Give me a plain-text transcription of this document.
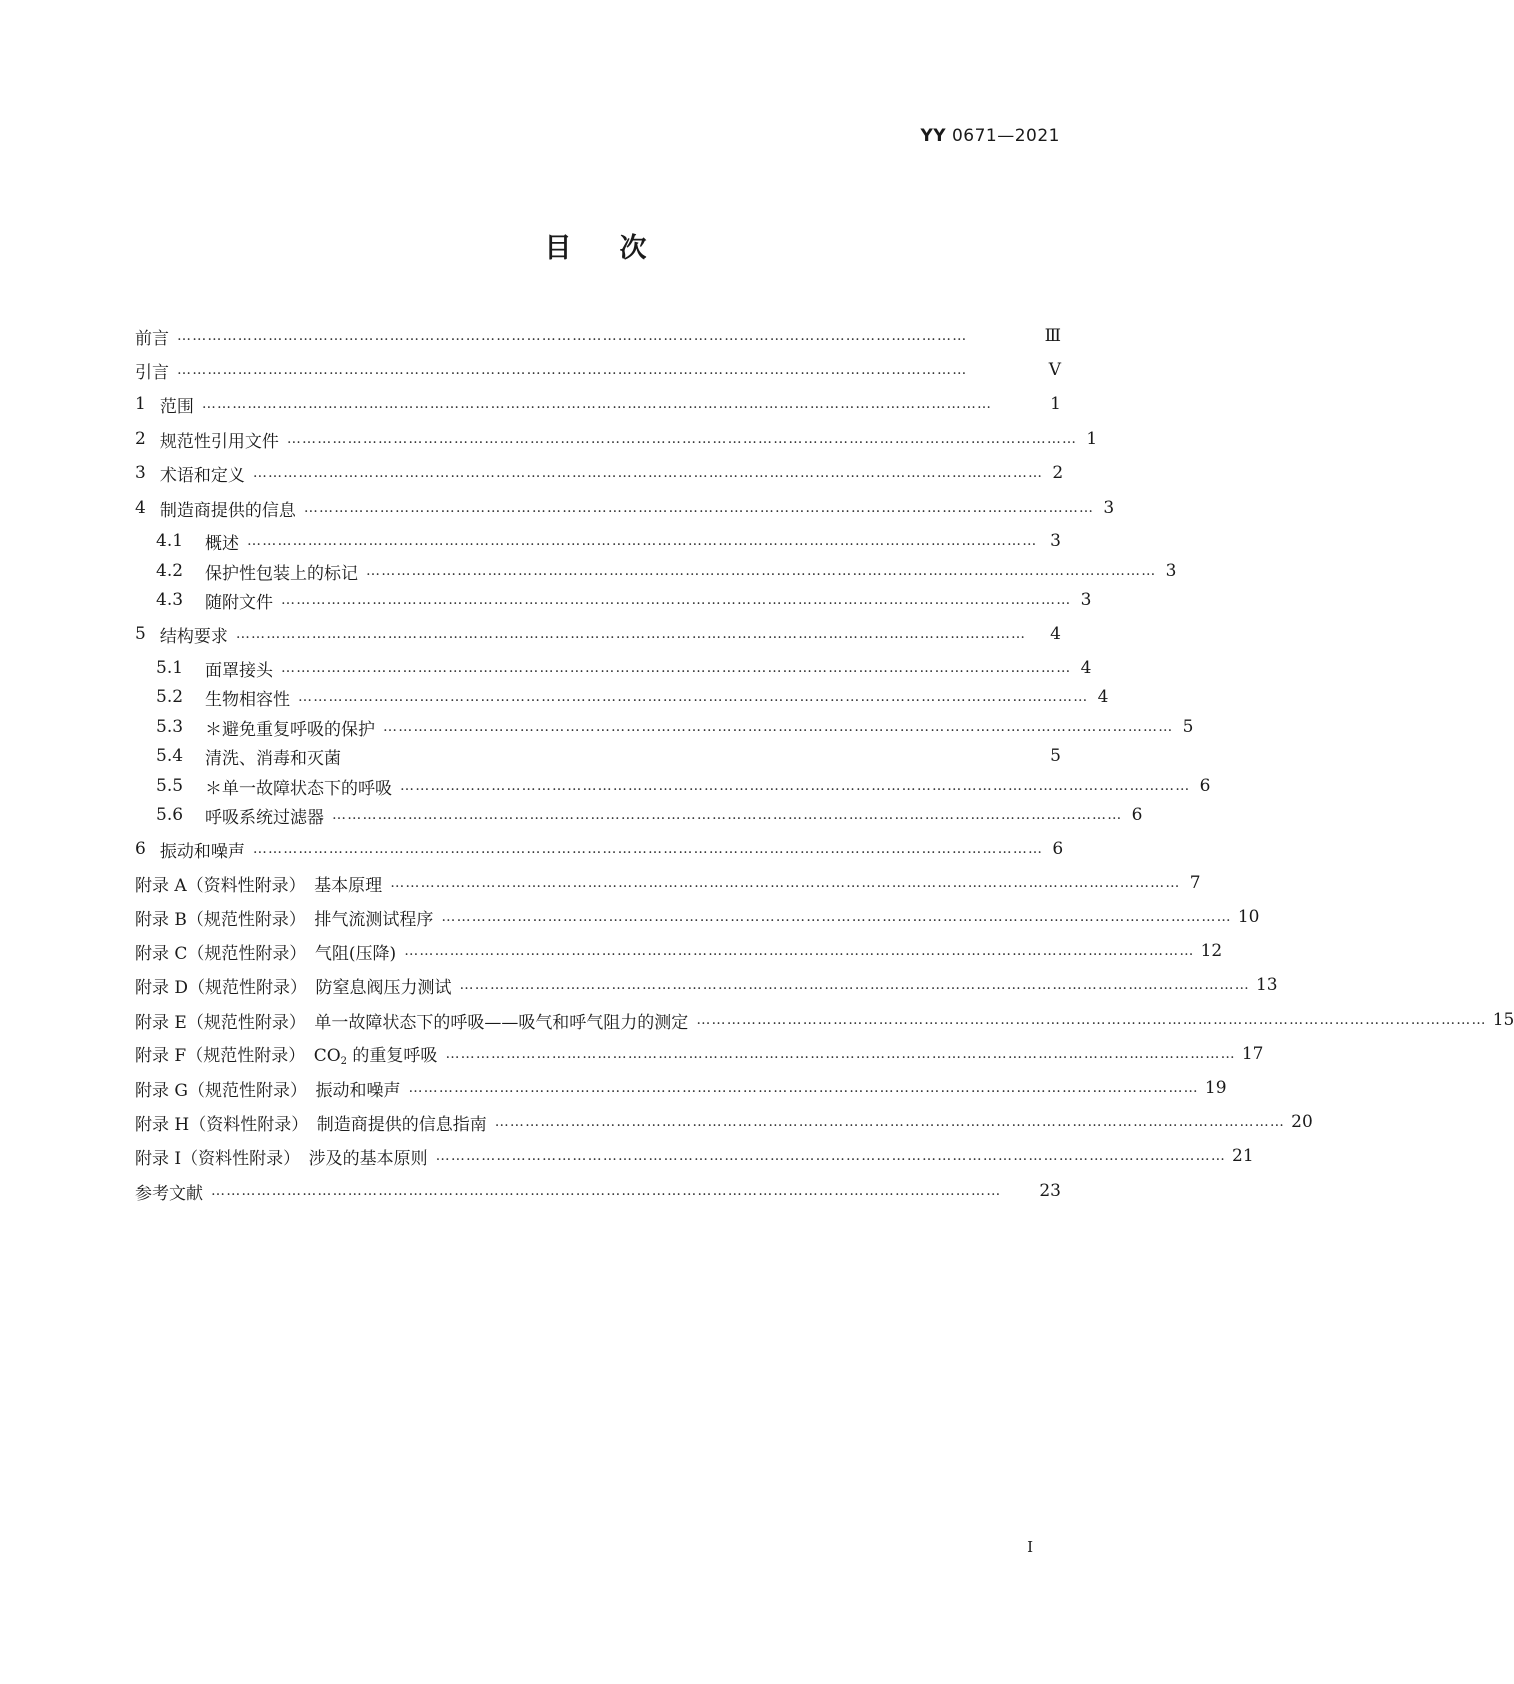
YY 0671—2021
目次
前言 …………………………………………………………………………………………………………………………………………	Ⅲ
引言 …………………………………………………………………………………………………………………………………………	Ⅴ
1 范围 …………………………………………………………………………………………………………………………………………	1
2 规范性引用文件 ………………………………………………………………………………………………………………………………………… 1
3 术语和定义 ………………………………………………………………………………………………………………………………………… 2
4 制造商提供的信息 ………………………………………………………………………………………………………………………………………… 3
4.1	概述 ………………………………………………………………………………………………………………………………………… 3
4.2	保护性包装上的标记 ………………………………………………………………………………………………………………………………………… 3
4.3	随附文件 ………………………………………………………………………………………………………………………………………… 3
5 结构要求 …………………………………………………………………………………………………………………………………………	4
5.1	面罩接头 ………………………………………………………………………………………………………………………………………… 4
5.2	生物相容性 ………………………………………………………………………………………………………………………………………… 4
5.3	＊避免重复呼吸的保护 ………………………………………………………………………………………………………………………………………… 5
5.4	清洗、消毒和灭菌	5
5.5	＊单一故障状态下的呼吸 ………………………………………………………………………………………………………………………………………… 6
5.6	呼吸系统过滤器 ………………………………………………………………………………………………………………………………………… 6
6 振动和噪声 ………………………………………………………………………………………………………………………………………… 6
附录 A（资料性附录）　基本原理 ………………………………………………………………………………………………………………………………………… 7
附录 B（规范性附录）　排气流测试程序 ………………………………………………………………………………………………………………………………………… 10
附录 C（规范性附录）　气阻(压降) ………………………………………………………………………………………………………………………………………… 12
附录 D（规范性附录）　防窒息阀压力测试 ………………………………………………………………………………………………………………………………………… 13
附录 E（规范性附录）　单一故障状态下的呼吸——吸气和呼气阻力的测定 ………………………………………………………………………………………………………………………………………… 15
附录 F（规范性附录）　CO2 的重复呼吸 ………………………………………………………………………………………………………………………………………… 17
附录 G（规范性附录）　振动和噪声 ………………………………………………………………………………………………………………………………………… 19
附录 H（资料性附录）　制造商提供的信息指南 ………………………………………………………………………………………………………………………………………… 20
附录 I（资料性附录）　涉及的基本原则 ………………………………………………………………………………………………………………………………………… 21
参考文献 …………………………………………………………………………………………………………………………………………	23
I
